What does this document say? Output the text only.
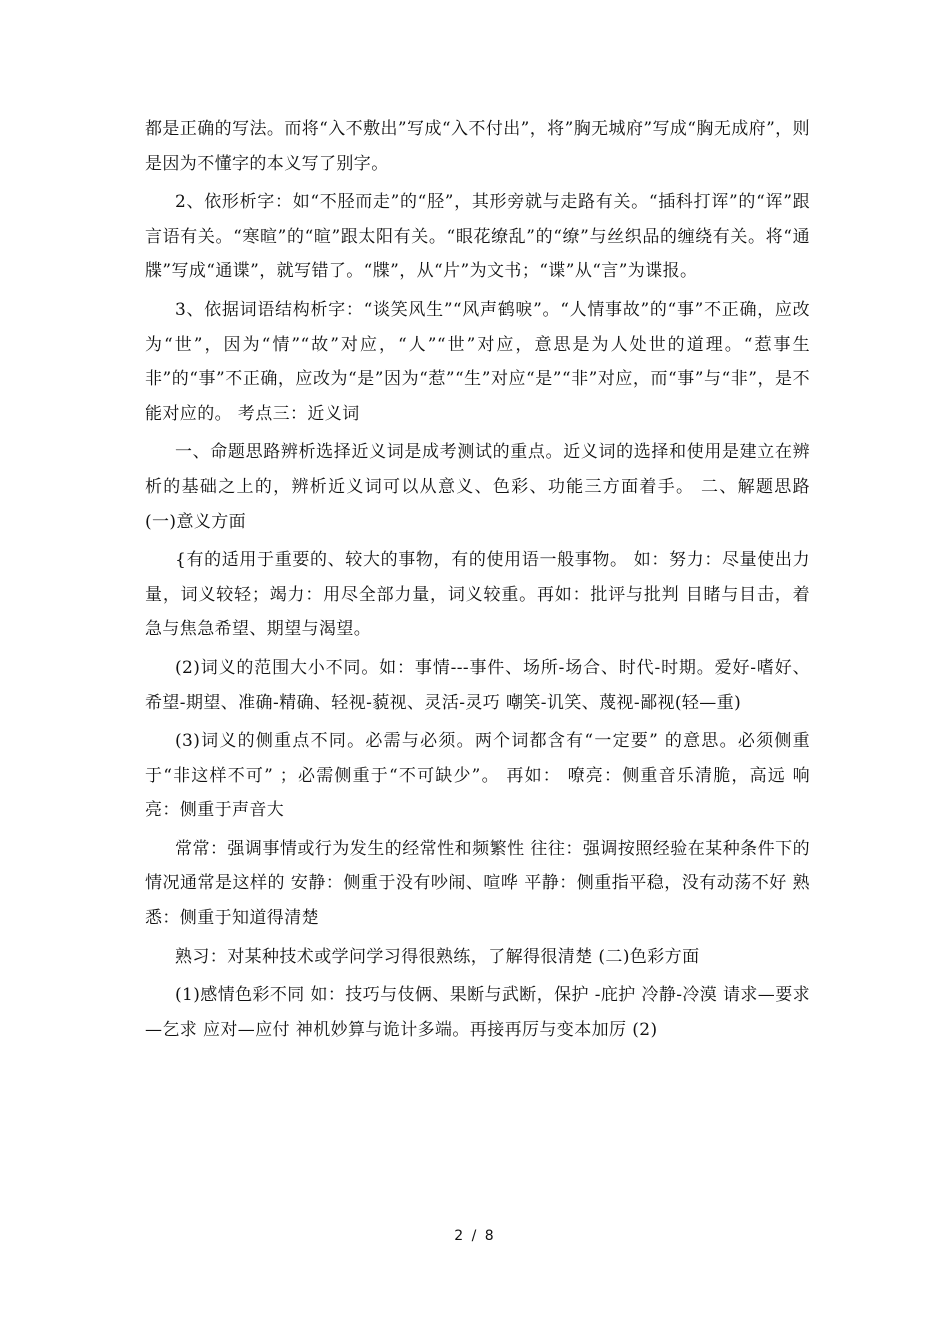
都是正确的写法。而将“入不敷出”写成“入不付出”，将”胸无城府”写成“胸无成府”，则是因为不懂字的本义写了别字。

2、依形析字：如“不胫而走”的“胫”，其形旁就与走路有关。“插科打诨”的“诨”跟言语有关。“寒暄”的“暄”跟太阳有关。“眼花缭乱”的“缭”与丝织品的缠绕有关。将“通牒”写成“通谍”，就写错了。“牒”，从“片”为文书；“谍”从“言”为谍报。

3、依据词语结构析字：“谈笑风生”“风声鹤唳”。“人情事故”的“事”不正确，应改为“世”，因为“情”“故”对应，“人”“世”对应，意思是为人处世的道理。“惹事生非”的“事”不正确，应改为“是”因为“惹”“生”对应“是”“非”对应，而“事”与“非”，是不能对应的。 考点三：近义词

一、命题思路辨析选择近义词是成考测试的重点。近义词的选择和使用是建立在辨析的基础之上的，辨析近义词可以从意义、色彩、功能三方面着手。 二、解题思路 (一)意义方面

{有的适用于重要的、较大的事物，有的使用语一般事物。 如：努力：尽量使出力量，词义较轻；竭力：用尽全部力量，词义较重。再如：批评与批判 目睹与目击，着急与焦急希望、期望与渴望。

(2)词义的范围大小不同。如：事情---事件、场所-场合、时代-时期。爱好-嗜好、希望-期望、准确-精确、轻视-藐视、灵活-灵巧 嘲笑-讥笑、蔑视-鄙视(轻—重)

(3)词义的侧重点不同。必需与必须。两个词都含有“一定要” 的意思。必须侧重于“非这样不可” ；必需侧重于“不可缺少”。 再如： 嘹亮：侧重音乐清脆，高远 响亮：侧重于声音大

常常：强调事情或行为发生的经常性和频繁性 往往：强调按照经验在某种条件下的情况通常是这样的 安静：侧重于没有吵闹、喧哗 平静：侧重指平稳，没有动荡不好 熟悉：侧重于知道得清楚

熟习：对某种技术或学问学习得很熟练，了解得很清楚 (二)色彩方面

(1)感情色彩不同 如：技巧与伎俩、果断与武断，保护 -庇护 冷静-冷漠 请求—要求—乞求 应对—应付 神机妙算与诡计多端。再接再厉与变本加厉 (2)

2 / 8
